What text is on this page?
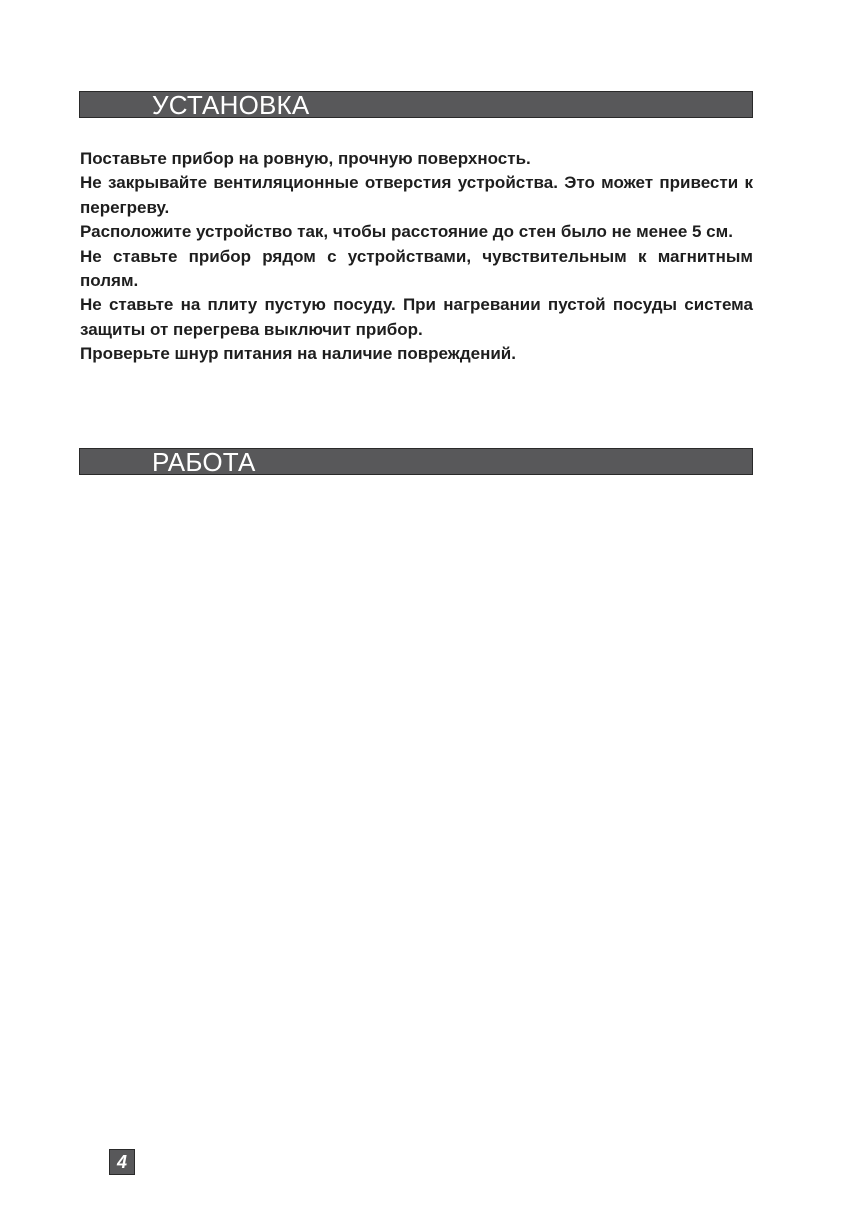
УСТАНОВКА

Поставьте прибор на ровную, прочную поверхность.

Не закрывайте вентиляционные отверстия устройства. Это может привести к перегреву.

Расположите устройство так, чтобы расстояние до стен было не менее 5 см.

Не ставьте прибор рядом с устройствами, чувствительным к магнитным полям.

Не ставьте на плиту пустую посуду. При нагревании пустой посуды система защиты от перегрева выключит прибор.

Проверьте шнур питания на наличие повреждений.

РАБОТА
4
